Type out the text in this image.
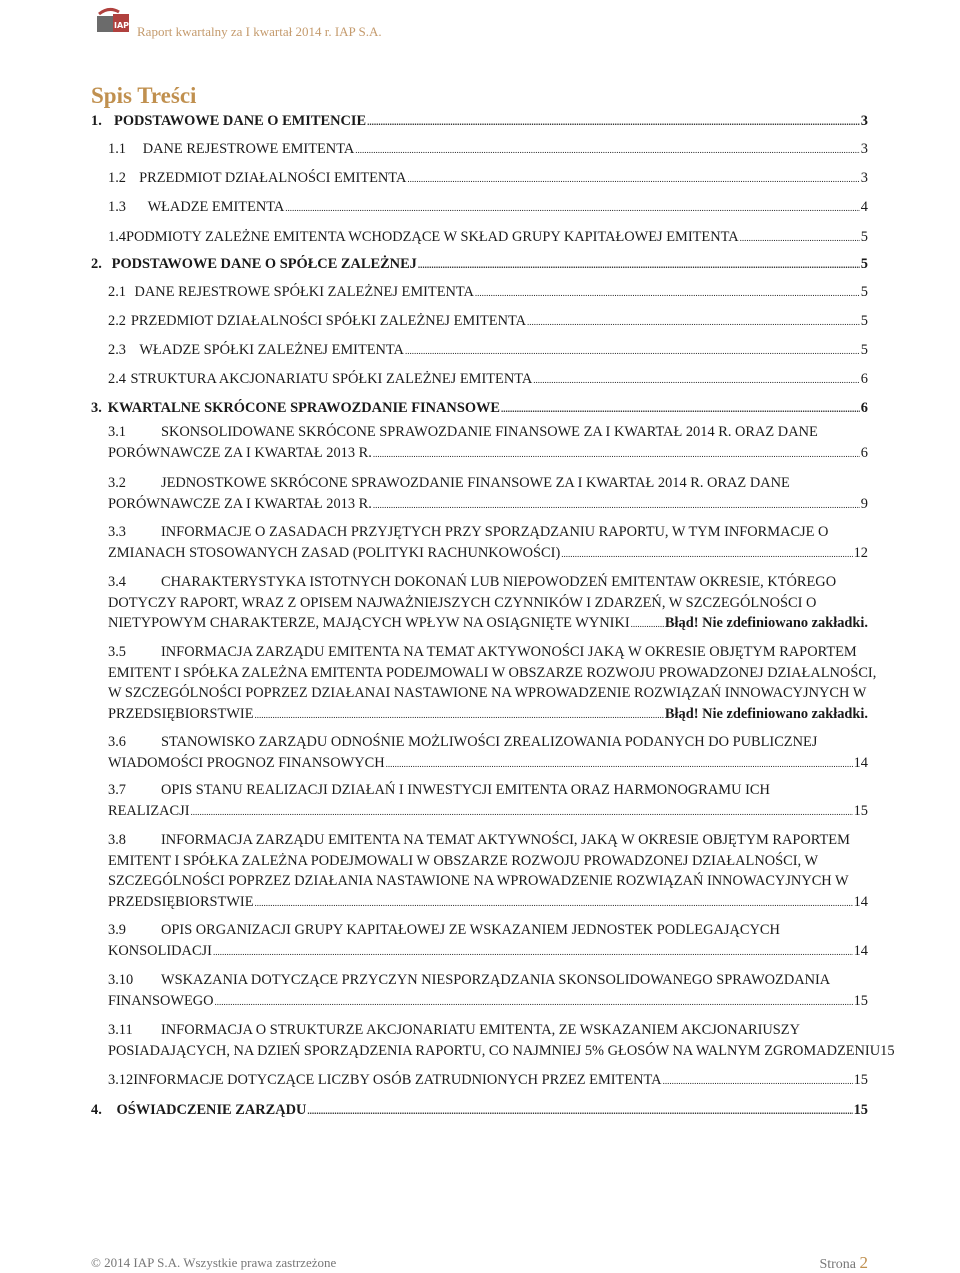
IAP Raport kwartalny za I kwartał 2014 r. IAP S.A.
Spis Treści
1. PODSTAWOWE DANE O EMITENCIE .....	3
1.1	DANE REJESTROWE EMITENTA .....	3
1.2 PRZEDMIOT DZIAŁALNOŚCI EMITENTA .....	3
1.3	WŁADZE EMITENTA .....	4
1.4 PODMIOTY ZALEŻNE EMITENTA WCHODZĄCE W SKŁAD GRUPY KAPITAŁOWEJ EMITENTA .....	5
2. PODSTAWOWE DANE O SPÓŁCE ZALEŻNEJ .....	5
2.1 DANE REJESTROWE SPÓŁKI ZALEŻNEJ EMITENTA .....	5
2.2 PRZEDMIOT DZIAŁALNOŚCI SPÓŁKI ZALEŻNEJ EMITENTA .....	5
2.3 WŁADZE SPÓŁKI ZALEŻNEJ EMITENTA .....	5
2.4 STRUKTURA AKCJONARIATU SPÓŁKI ZALEŻNEJ EMITENTA .....	6
3. KWARTALNE SKRÓCONE SPRAWOZDANIE FINANSOWE .....	6
3.1	SKONSOLIDOWANE SKRÓCONE SPRAWOZDANIE FINANSOWE ZA I KWARTAŁ 2014 R. ORAZ DANE
PORÓWNAWCZE ZA I KWARTAŁ 2013 R. .....	6
3.2	JEDNOSTKOWE SKRÓCONE SPRAWOZDANIE FINANSOWE ZA I KWARTAŁ 2014 R. ORAZ DANE
PORÓWNAWCZE ZA I KWARTAŁ 2013 R. .....	9
3.3	INFORMACJE O ZASADACH PRZYJĘTYCH PRZY SPORZĄDZANIU RAPORTU, W TYM INFORMACJE O
ZMIANACH STOSOWANYCH ZASAD (POLITYKI RACHUNKOWOŚCI) .....	12
3.4	CHARAKTERYSTYKA ISTOTNYCH DOKONAŃ LUB NIEPOWODZEŃ EMITENTAW OKRESIE, KTÓREGO
DOTYCZY RAPORT, WRAZ Z OPISEM NAJWAŻNIEJSZYCH CZYNNIKÓW I ZDARZEŃ, W SZCZEGÓLNOŚCI O
NIETYPOWYM CHARAKTERZE, MAJĄCYCH WPŁYW NA OSIĄGNIĘTE WYNIKI ..... Błąd! Nie zdefiniowano zakładki.
3.5	INFORMACJA ZARZĄDU EMITENTA NA TEMAT AKTYWONOŚCI JAKĄ W OKRESIE OBJĘTYM RAPORTEM
EMITENT I SPÓŁKA ZALEŻNA EMITENTA PODEJMOWALI W OBSZARZE ROZWOJU PROWADZONEJ DZIAŁALNOŚCI,
W SZCZEGÓLNOŚCI POPRZEZ DZIAŁANAI NASTAWIONE NA WPROWADZENIE ROZWIĄZAŃ INNOWACYJNYCH W
PRZEDSIĘBIORSTWIE .....	Błąd! Nie zdefiniowano zakładki.
3.6	STANOWISKO ZARZĄDU ODNOŚNIE MOŻLIWOŚCI ZREALIZOWANIA PODANYCH DO PUBLICZNEJ
WIADOMOŚCI PROGNOZ FINANSOWYCH .....	14
3.7	OPIS STANU REALIZACJI DZIAŁAŃ I INWESTYCJI EMITENTA ORAZ HARMONOGRAMU ICH
REALIZACJI .....	15
3.8	INFORMACJA ZARZĄDU EMITENTA NA TEMAT AKTYWNOŚCI, JAKĄ W OKRESIE OBJĘTYM RAPORTEM
EMITENT I SPÓŁKA ZALEŻNA PODEJMOWALI W OBSZARZE ROZWOJU PROWADZONEJ DZIAŁALNOŚCI, W
SZCZEGÓLNOŚCI POPRZEZ DZIAŁANIA NASTAWIONE NA WPROWADZENIE ROZWIĄZAŃ INNOWACYJNYCH W
PRZEDSIĘBIORSTWIE .....	14
3.9	OPIS ORGANIZACJI GRUPY KAPITAŁOWEJ ZE WSKAZANIEM JEDNOSTEK PODLEGAJĄCYCH
KONSOLIDACJI .....	14
3.10	WSKAZANIA DOTYCZĄCE PRZYCZYN NIESPORZĄDZANIA SKONSOLIDOWANEGO SPRAWOZDANIA
FINANSOWEGO .....	15
3.11	INFORMACJA O STRUKTURZE AKCJONARIATU EMITENTA, ZE WSKAZANIEM AKCJONARIUSZY
POSIADAJĄCYCH, NA DZIEŃ SPORZĄDZENIA RAPORTU, CO NAJMNIEJ 5% GŁOSÓW NA WALNYM ZGROMADZENIU 15
3.12 INFORMACJE DOTYCZĄCE LICZBY OSÓB ZATRUDNIONYCH PRZEZ EMITENTA .....	15
4.	OŚWIADCZENIE ZARZĄDU .....	15
© 2014 IAP S.A. Wszystkie prawa zastrzeżone	Strona 2
